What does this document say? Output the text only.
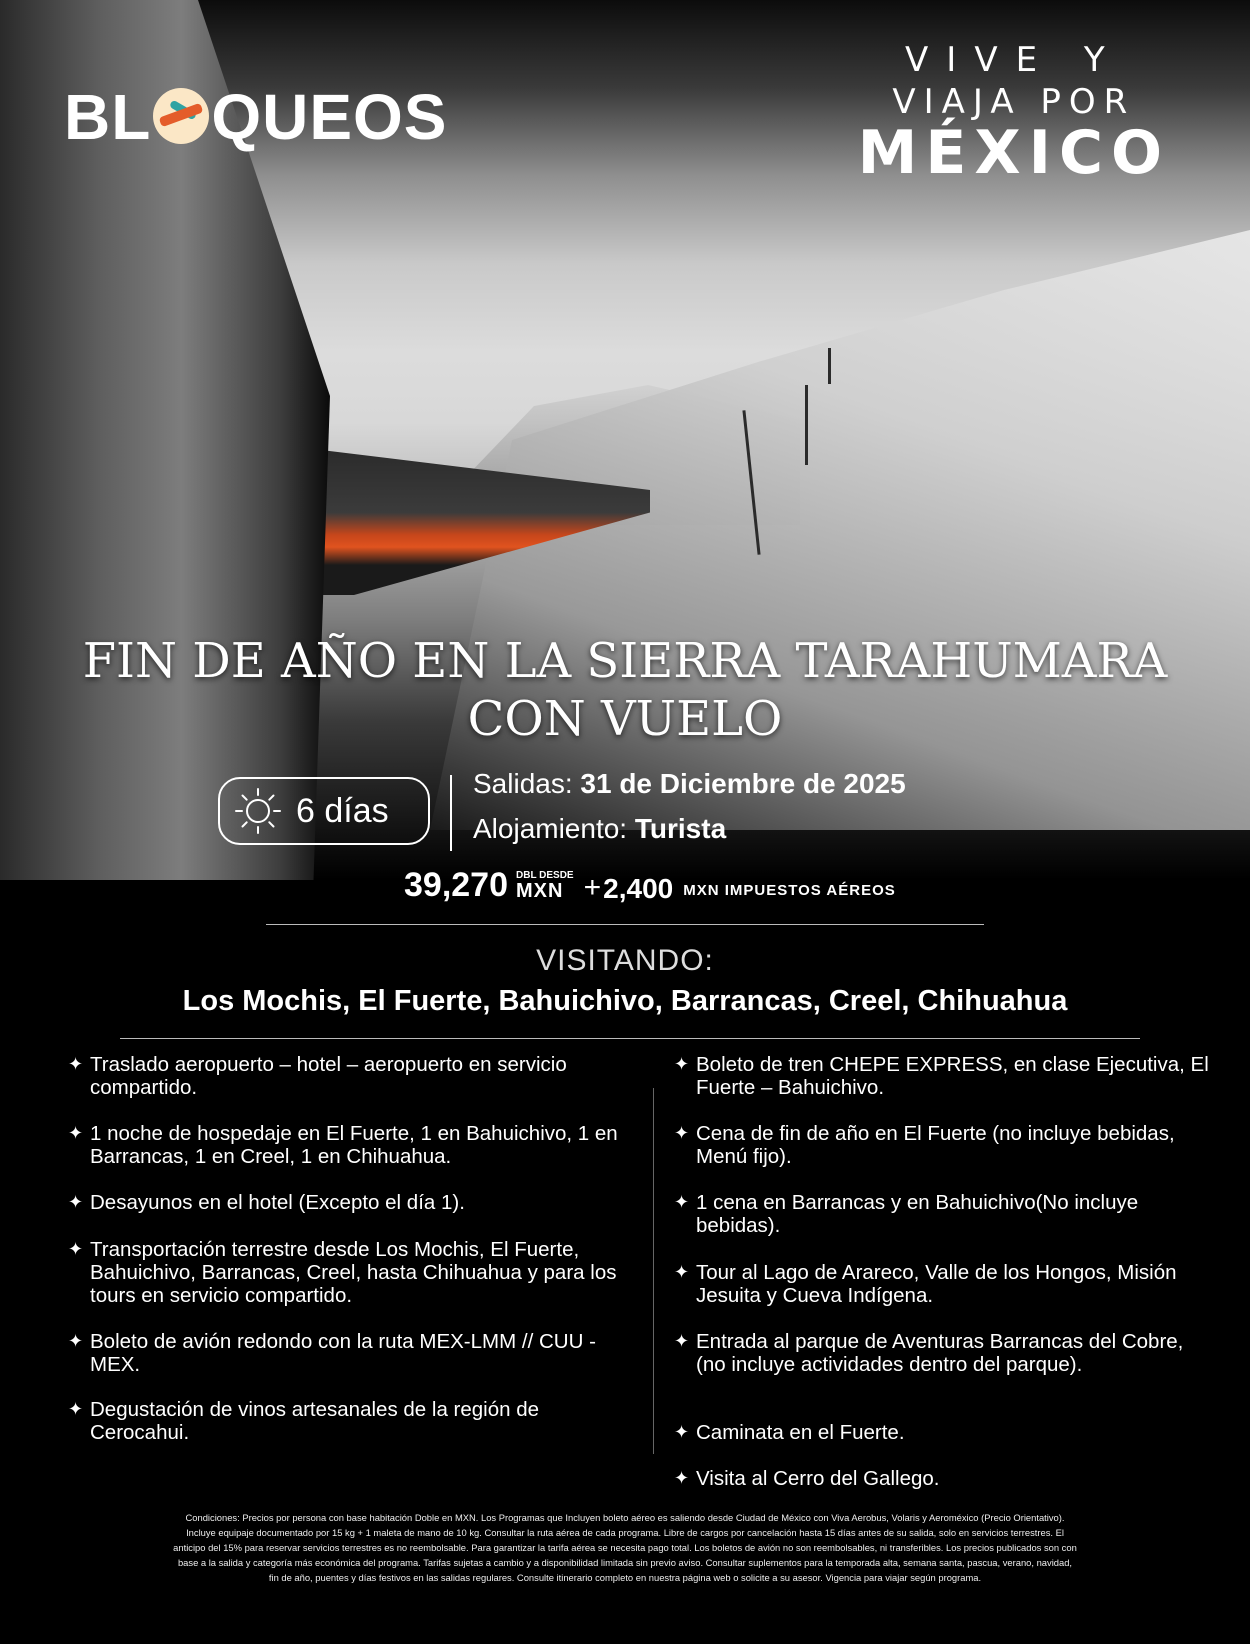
BL QUEOS
VIVE Y
VIAJA POR
MÉXICO
FIN DE AÑO EN LA SIERRA TARAHUMARA
CON VUELO
6 días
Salidas: 31 de Diciembre de 2025
Alojamiento: Turista
39,270 DBL DESDE
MXN + 2,400 MXN IMPUESTOS AÉREOS
VISITANDO:
Los Mochis, El Fuerte, Bahuichivo, Barrancas, Creel, Chihuahua
✦ Traslado aeropuerto – hotel – aeropuerto en servicio compartido.
✦ 1 noche de hospedaje en El Fuerte, 1 en Bahuichivo, 1 en Barrancas, 1 en Creel, 1 en Chihuahua.
✦ Desayunos en el hotel (Excepto el día 1).
✦ Transportación terrestre desde Los Mochis, El Fuerte, Bahuichivo, Barrancas, Creel, hasta Chihuahua y para los tours en servicio compartido.
✦ Boleto de avión redondo con la ruta MEX-LMM // CUU -MEX.
✦ Degustación de vinos artesanales de la región de Cerocahui.
✦ Boleto de tren CHEPE EXPRESS, en clase Ejecutiva, El Fuerte – Bahuichivo.
✦ Cena de fin de año en El Fuerte (no incluye bebidas, Menú fijo).
✦ 1 cena en Barrancas y en Bahuichivo(No incluye bebidas).
✦ Tour al Lago de Arareco, Valle de los Hongos, Misión Jesuita y Cueva Indígena.
✦ Entrada al parque de Aventuras Barrancas del Cobre, (no incluye actividades dentro del parque).
✦ Caminata en el Fuerte.
✦ Visita al Cerro del Gallego.
Condiciones: Precios por persona con base habitación Doble en MXN. Los Programas que Incluyen boleto aéreo es saliendo desde Ciudad de México con Viva Aerobus, Volaris y Aeroméxico (Precio Orientativo).
Incluye equipaje documentado por 15 kg + 1 maleta de mano de 10 kg. Consultar la ruta aérea de cada programa. Libre de cargos por cancelación hasta 15 días antes de su salida, solo en servicios terrestres. El
anticipo del 15% para reservar servicios terrestres es no reembolsable. Para garantizar la tarifa aérea se necesita pago total. Los boletos de avión no son reembolsables, ni transferibles. Los precios publicados son con
base a la salida y categoría más económica del programa. Tarifas sujetas a cambio y a disponibilidad limitada sin previo aviso. Consultar suplementos para la temporada alta, semana santa, pascua, verano, navidad,
fin de año, puentes y días festivos en las salidas regulares. Consulte itinerario completo en nuestra página web o solicite a su asesor. Vigencia para viajar según programa.
